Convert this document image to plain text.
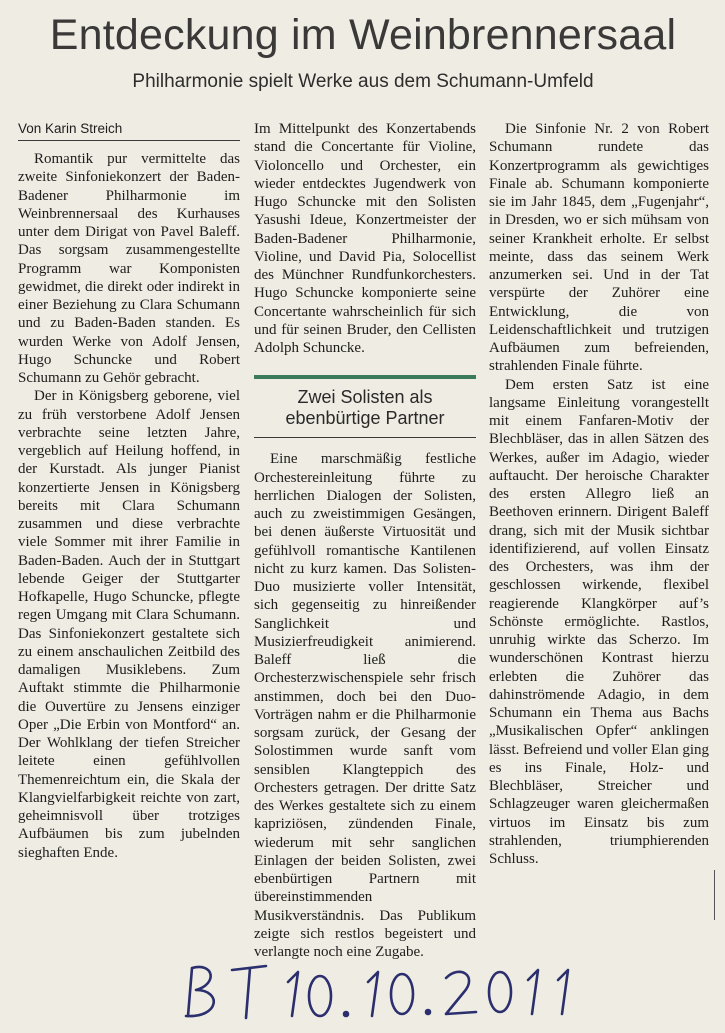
Entdeckung im Weinbrennersaal
Philharmonie spielt Werke aus dem Schumann-Umfeld
Von Karin Streich

Romantik pur vermittelte das zweite Sinfoniekonzert der Baden-Badener Philharmonie im Weinbrennersaal des Kurhauses unter dem Dirigat von Pavel Baleff. Das sorgsam zusammengestellte Programm war Komponisten gewidmet, die direkt oder indirekt in einer Beziehung zu Clara Schumann und zu Baden-Baden standen. Es wurden Werke von Adolf Jensen, Hugo Schuncke und Robert Schumann zu Gehör gebracht.

Der in Königsberg geborene, viel zu früh verstorbene Adolf Jensen verbrachte seine letzten Jahre, vergeblich auf Heilung hoffend, in der Kurstadt. Als junger Pianist konzertierte Jensen in Königsberg bereits mit Clara Schumann zusammen und diese verbrachte viele Sommer mit ihrer Familie in Baden-Baden. Auch der in Stuttgart lebende Geiger der Stuttgarter Hofkapelle, Hugo Schuncke, pflegte regen Umgang mit Clara Schumann. Das Sinfoniekonzert gestaltete sich zu einem anschaulichen Zeitbild des damaligen Musiklebens. Zum Auftakt stimmte die Philharmonie die Ouvertüre zu Jensens einziger Oper „Die Erbin von Montford“ an. Der Wohlklang der tiefen Streicher leitete einen gefühlvollen Themenreichtum ein, die Skala der Klangvielfarbigkeit reichte von zart, geheimnisvoll über trotziges Aufbäumen bis zum jubelnden sieghaften Ende.

Im Mittelpunkt des Konzertabends stand die Concertante für Violine, Violoncello und Orchester, ein wieder entdecktes Jugendwerk von Hugo Schuncke mit den Solisten Yasushi Ideue, Konzertmeister der Baden-Badener Philharmonie, Violine, und David Pia, Solocellist des Münchner Rundfunkorchesters. Hugo Schuncke komponierte seine Concertante wahrscheinlich für sich und für seinen Bruder, den Cellisten Adolph Schuncke.

Zwei Solisten als ebenbürtige Partner

Eine marschmäßig festliche Orchestereinleitung führte zu herrlichen Dialogen der Solisten, auch zu zweistimmigen Gesängen, bei denen äußerste Virtuosität und gefühlvoll romantische Kantilenen nicht zu kurz kamen. Das Solisten-Duo musizierte voller Intensität, sich gegenseitig zu hinreißender Sanglichkeit und Musizierfreudigkeit animierend. Baleff ließ die Orchesterzwischenspiele sehr frisch anstimmen, doch bei den Duo-Vorträgen nahm er die Philharmonie sorgsam zurück, der Gesang der Solostimmen wurde sanft vom sensiblen Klangteppich des Orchesters getragen. Der dritte Satz des Werkes gestaltete sich zu einem kapriziösen, zündenden Finale, wiederum mit sehr sanglichen Einlagen der beiden Solisten, zwei ebenbürtigen Partnern mit übereinstimmenden Musikverständnis. Das Publikum zeigte sich restlos begeistert und verlangte noch eine Zugabe.

Die Sinfonie Nr. 2 von Robert Schumann rundete das Konzertprogramm als gewichtiges Finale ab. Schumann komponierte sie im Jahr 1845, dem „Fugenjahr“, in Dresden, wo er sich mühsam von seiner Krankheit erholte. Er selbst meinte, dass das seinem Werk anzumerken sei. Und in der Tat verspürte der Zuhörer eine Entwicklung, die von Leidenschaftlichkeit und trutzigen Aufbäumen zum befreienden, strahlenden Finale führte.

Dem ersten Satz ist eine langsame Einleitung vorangestellt mit einem Fanfaren-Motiv der Blechbläser, das in allen Sätzen des Werkes, außer im Adagio, wieder auftaucht. Der heroische Charakter des ersten Allegro ließ an Beethoven erinnern. Dirigent Baleff drang, sich mit der Musik sichtbar identifizierend, auf vollen Einsatz des Orchesters, was ihm der geschlossen wirkende, flexibel reagierende Klangkörper auf’s Schönste ermöglichte. Rastlos, unruhig wirkte das Scherzo. Im wunderschönen Kontrast hierzu erlebten die Zuhörer das dahinströmende Adagio, in dem Schumann ein Thema aus Bachs „Musikalischen Opfer“ anklingen lässt. Befreiend und voller Elan ging es ins Finale, Holz- und Blechbläser, Streicher und Schlagzeuger waren gleichermaßen virtuos im Einsatz bis zum strahlenden, triumphierenden Schluss.
